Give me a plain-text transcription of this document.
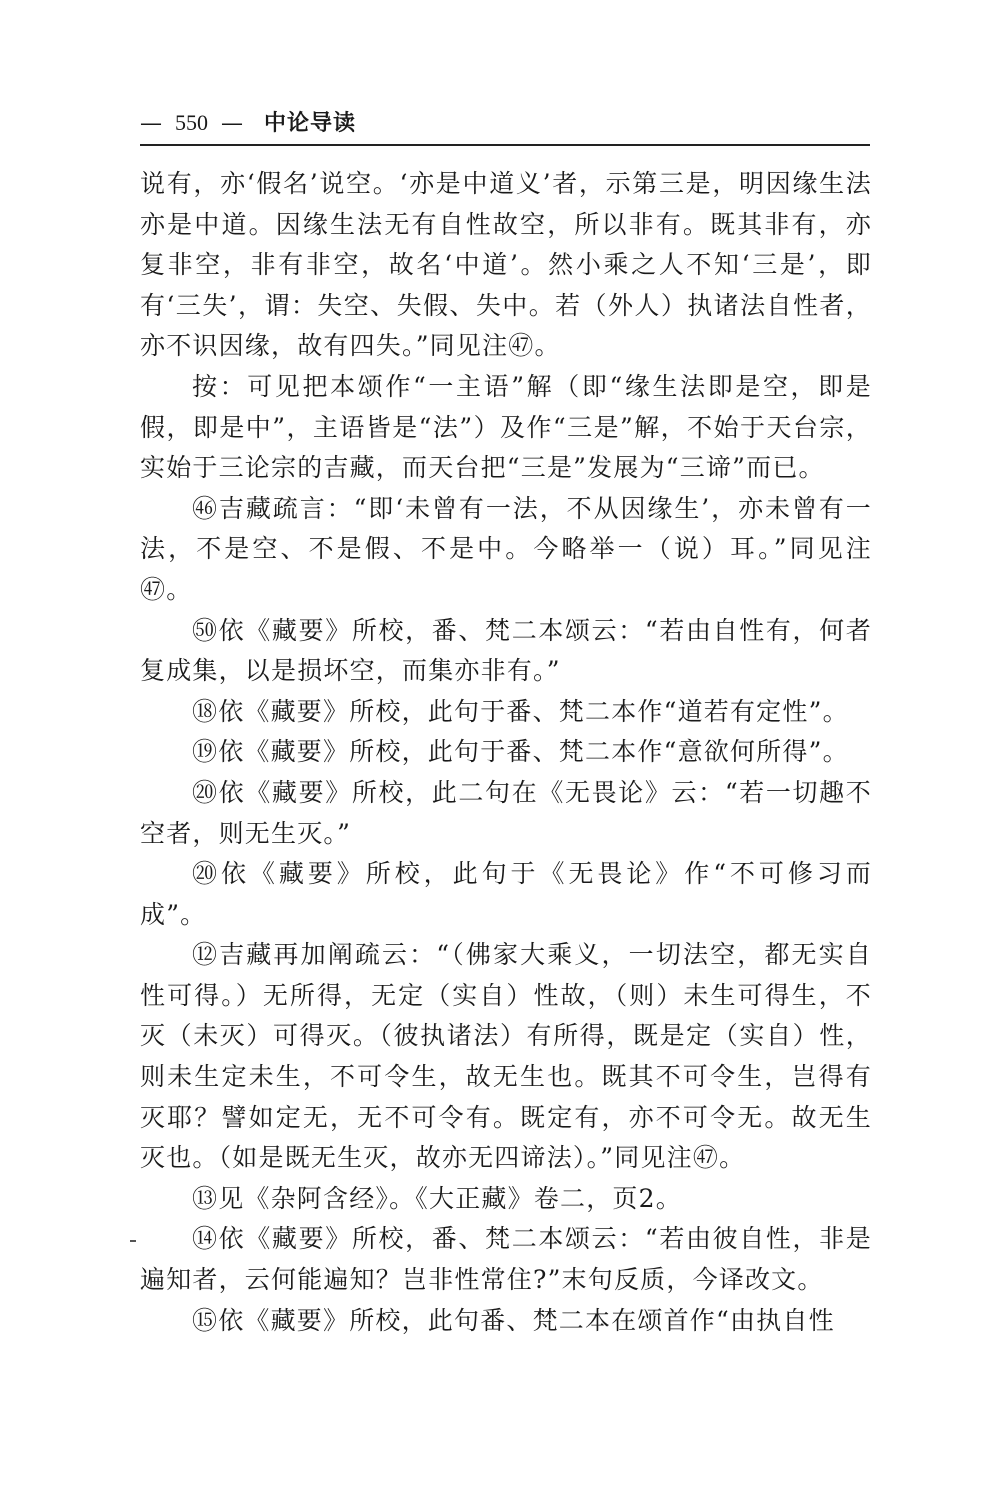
— 550 — 中论导读

说有，亦‘假名’说空。‘亦是中道义’者，示第三是，明因缘生法亦是中道。因缘生法无有自性故空，所以非有。既其非有，亦复非空，非有非空，故名‘中道’。然小乘之人不知‘三是’，即有‘三失’，谓：失空、失假、失中。若（外人）执诸法自性者，亦不识因缘，故有四失。”同见注㊼。

按：可见把本颂作“一主语”解（即“缘生法即是空，即是假，即是中”，主语皆是“法”）及作“三是”解，不始于天台宗，实始于三论宗的吉藏，而天台把“三是”发展为“三谛”而已。

㊻吉藏疏言：“即‘未曾有一法，不从因缘生’，亦未曾有一法，不是空、不是假、不是中。今略举一（说）耳。”同见注㊼。

㊿依《藏要》所校，番、梵二本颂云：“若由自性有，何者复成集，以是损坏空，而集亦非有。”

⑱依《藏要》所校，此句于番、梵二本作“道若有定性”。

⑲依《藏要》所校，此句于番、梵二本作“意欲何所得”。

⑳依《藏要》所校，此二句在《无畏论》云：“若一切趣不空者，则无生灭。”

⑳依《藏要》所校，此句于《无畏论》作“不可修习而成”。

⑫吉藏再加阐疏云：“（佛家大乘义，一切法空，都无实自性可得。）无所得，无定（实自）性故，（则）未生可得生，不灭（未灭）可得灭。（彼执诸法）有所得，既是定（实自）性，则未生定未生，不可令生，故无生也。既其不可令生，岂得有灭耶？譬如定无，无不可令有。既定有，亦不可令无。故无生灭也。（如是既无生灭，故亦无四谛法）。”同见注㊼。

⑬见《杂阿含经》。《大正藏》卷二，页2。

⑭依《藏要》所校，番、梵二本颂云：“若由彼自性，非是遍知者，云何能遍知？岂非性常住?”末句反质，今译改文。

⑮依《藏要》所校，此句番、梵二本在颂首作“由执自性
